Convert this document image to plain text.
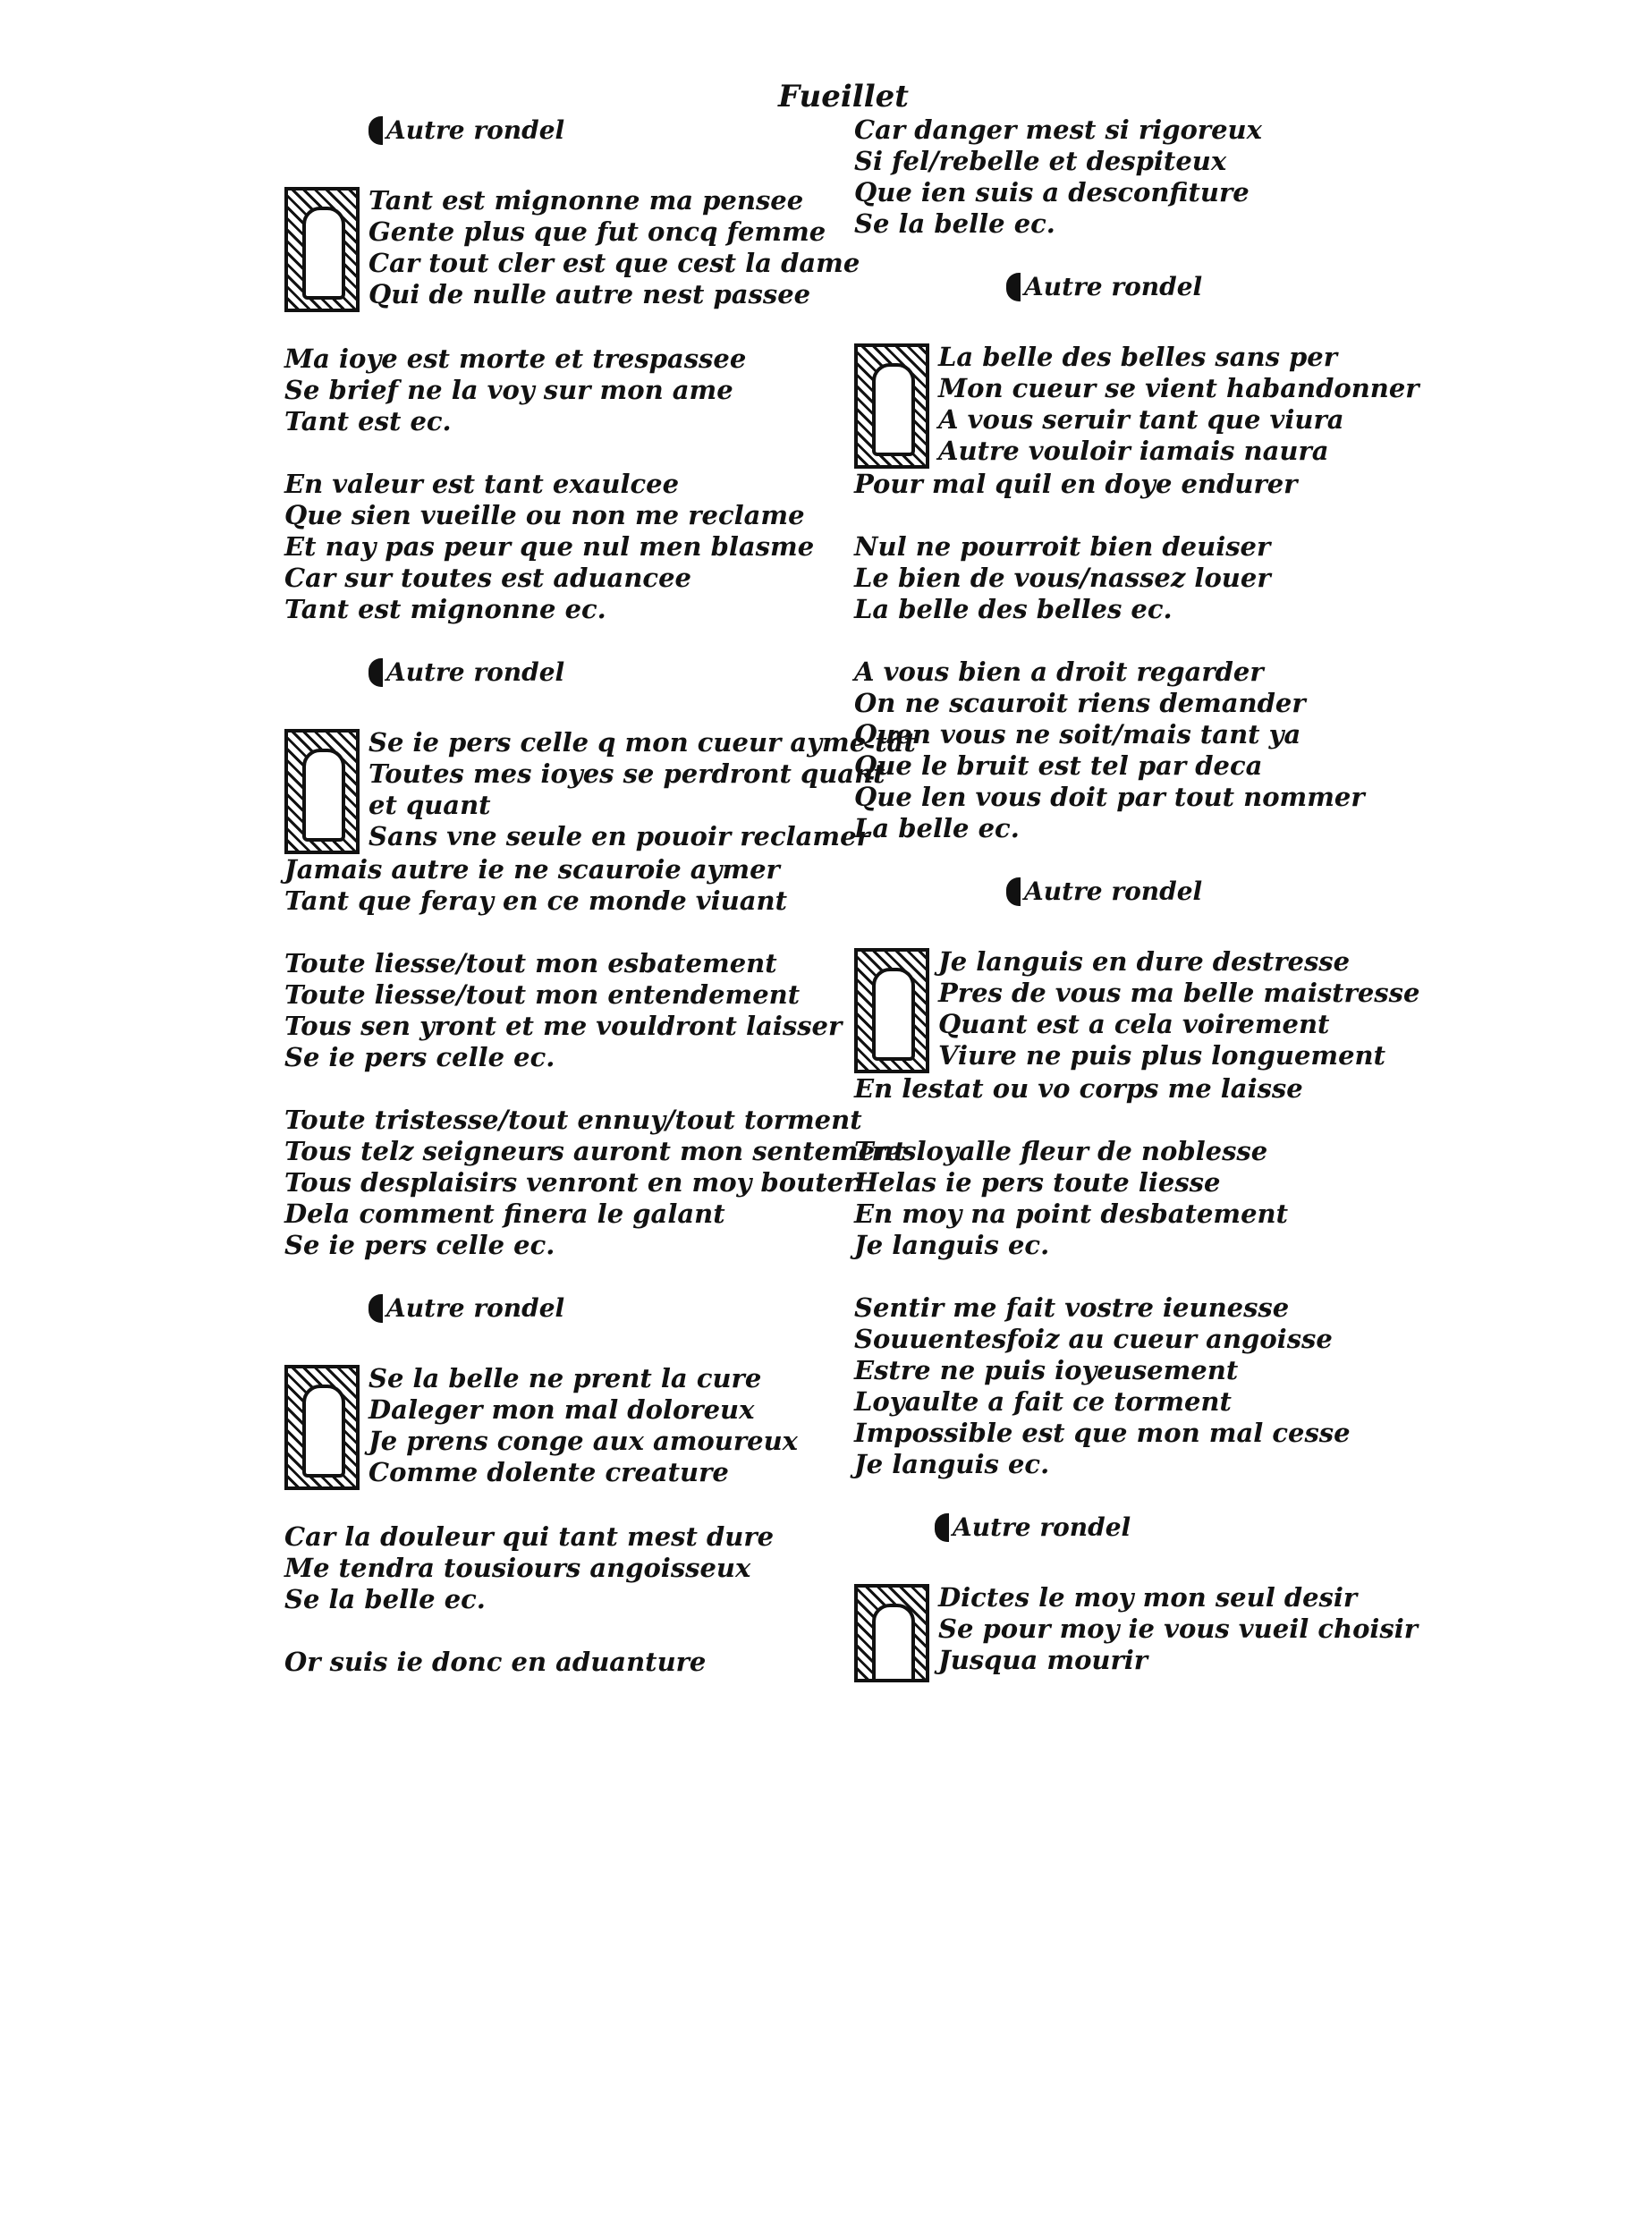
Fueillet
Autre rondel
Tant est mignonne ma pensee
Gente plus que fut oncq femme
Car tout cler est que cest la dame
Qui de nulle autre nest passee
Ma ioye est morte et trespassee
Se brief ne la voy sur mon ame
Tant est ec.
En valeur est tant exaulcee
Que sien vueille ou non me reclame
Et nay pas peur que nul men blasme
Car sur toutes est aduancee
Tant est mignonne ec.
Autre rondel
Se ie pers celle q mon cueur ayme tât
Toutes mes ioyes se perdront quant
et quant
Sans vne seule en pouoir reclamer
Jamais autre ie ne scauroie aymer
Tant que feray en ce monde viuant
Toute liesse/tout mon esbatement
Toute liesse/tout mon entendement
Tous sen yront et me vouldront laisser
Se ie pers celle ec.
Toute tristesse/tout ennuy/tout torment
Tous telz seigneurs auront mon sentement
Tous desplaisirs venront en moy bouter
Dela comment finera le galant
Se ie pers celle ec.
Autre rondel
Se la belle ne prent la cure
Daleger mon mal doloreux
Je prens conge aux amoureux
Comme dolente creature
Car la douleur qui tant mest dure
Me tendra tousiours angoisseux
Se la belle ec.
Or suis ie donc en aduanture
Car danger mest si rigoreux
Si fel/rebelle et despiteux
Que ien suis a desconfiture
Se la belle ec.
Autre rondel
La belle des belles sans per
Mon cueur se vient habandonner
A vous seruir tant que viura
Autre vouloir iamais naura
Pour mal quil en doye endurer
Nul ne pourroit bien deuiser
Le bien de vous/nassez louer
La belle des belles ec.
A vous bien a droit regarder
On ne scauroit riens demander
Quen vous ne soit/mais tant ya
Que le bruit est tel par deca
Que len vous doit par tout nommer
La belle ec.
Autre rondel
Je languis en dure destresse
Pres de vous ma belle maistresse
Quant est a cela voirement
Viure ne puis plus longuement
En lestat ou vo corps me laisse
Tresloyalle fleur de noblesse
Helas ie pers toute liesse
En moy na point desbatement
Je languis ec.
Sentir me fait vostre ieunesse
Souuentesfoiz au cueur angoisse
Estre ne puis ioyeusement
Loyaulte a fait ce torment
Impossible est que mon mal cesse
Je languis ec.
Autre rondel
Dictes le moy mon seul desir
Se pour moy ie vous vueil choisir
Jusqua mourir
